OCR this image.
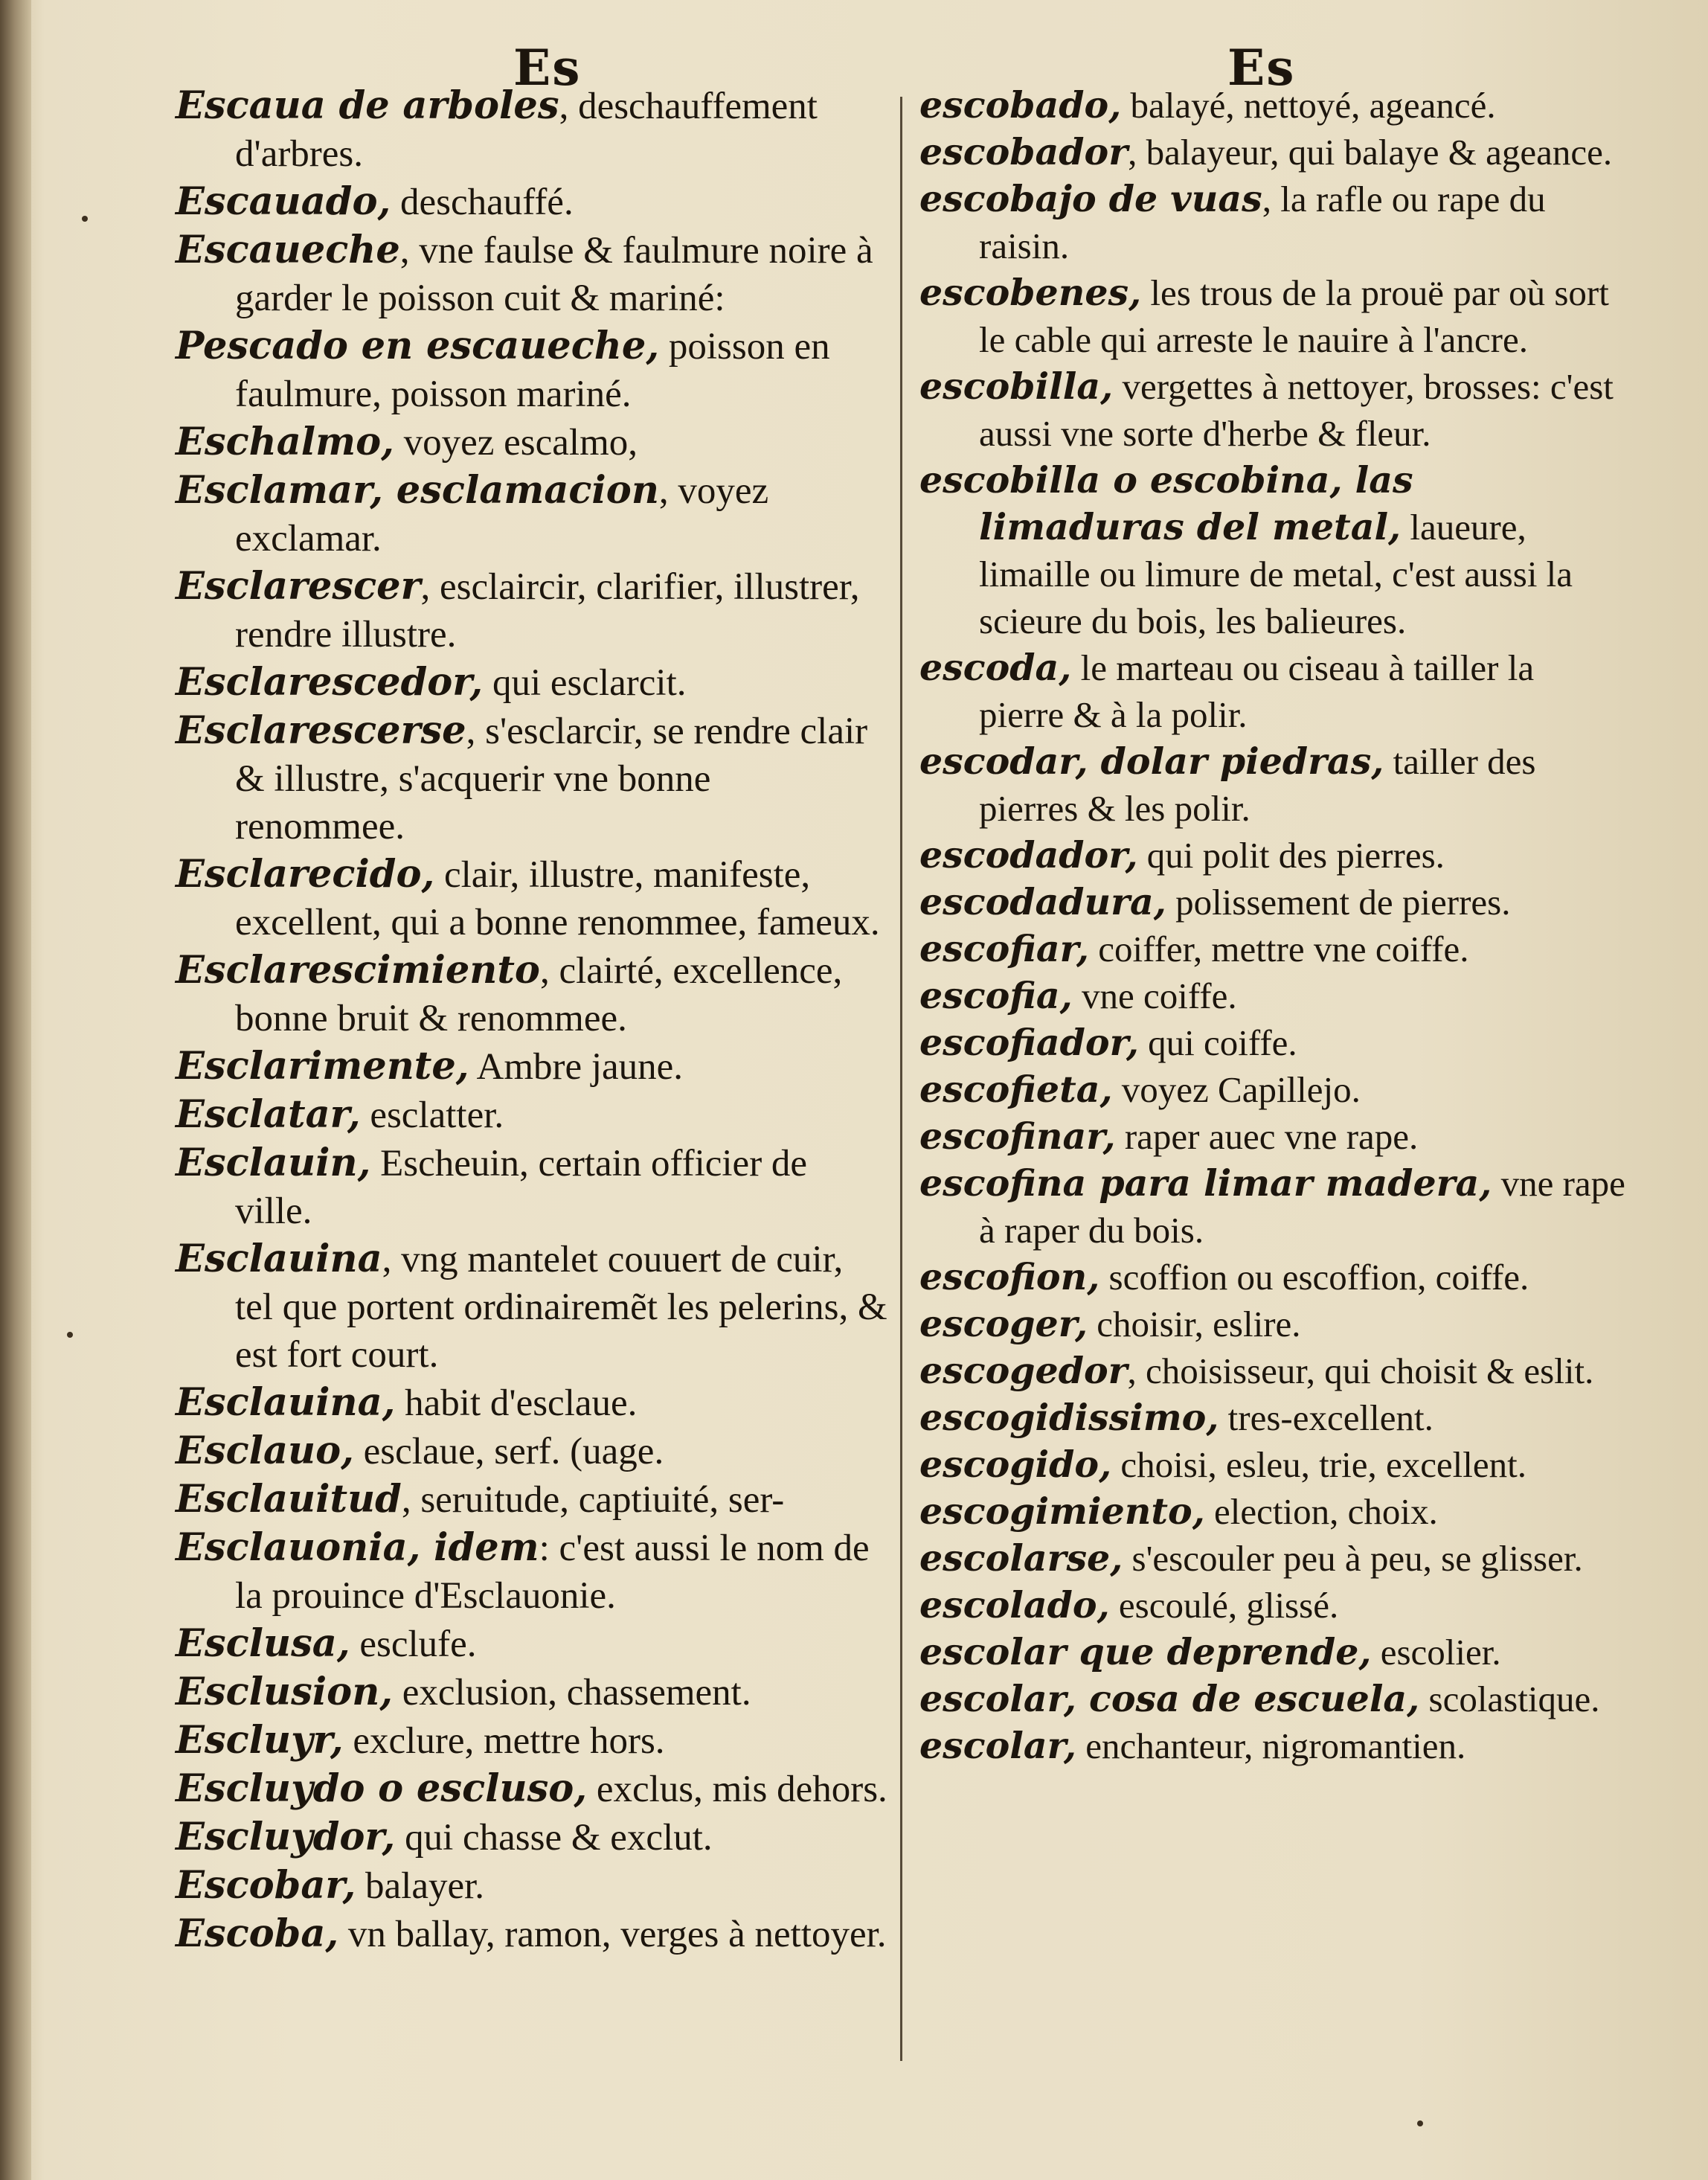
Es	Es

Escaua de arboles, deschauffement d'arbres.

Escauado, deschauffé.

Escaueche, vne faulse & faulmure noire à garder le poisson cuit & mariné:

Pescado en escaueche, poisson en faulmure, poisson mariné.

Eschalmo, voyez escalmo,

Esclamar, esclamacion, voyez exclamar.

Esclarescer, esclaircir, clarifier, illustrer, rendre illustre.

Esclarescedor, qui esclarcit.

Esclarescerse, s'esclarcir, se rendre clair & illustre, s'acquerir vne bonne renommee.

Esclarecido, clair, illustre, manifeste, excellent, qui a bonne renommee, fameux.

Esclarescimiento, clairté, excellence, bonne bruit & renommee.

Esclarimente, Ambre jaune.

Esclatar, esclatter.

Esclauin, Escheuin, certain officier de ville.

Esclauina, vng mantelet couuert de cuir, tel que portent ordinairemẽt les pelerins, & est fort court.

Esclauina, habit d'esclaue.

Esclauo, esclaue, serf. (uage.

Esclauitud, seruitude, captiuité, ser-

Esclauonia, idem: c'est aussi le nom de la prouince d'Esclauonie.

Esclusa, esclufe.

Esclusion, exclusion, chassement.

Escluyr, exclure, mettre hors.

Escluydo o escluso, exclus, mis dehors.

Escluydor, qui chasse & exclut.

Escobar, balayer.

Escoba, vn ballay, ramon, verges à nettoyer.

escobado, balayé, nettoyé, ageancé.

escobador, balayeur, qui balaye & ageance.

escobajo de vuas, la rafle ou rape du raisin.

escobenes, les trous de la prouë par où sort le cable qui arreste le nauire à l'ancre.

escobilla, vergettes à nettoyer, brosses: c'est aussi vne sorte d'herbe & fleur.

escobilla o escobina, las limaduras del metal, laueure, limaille ou limure de metal, c'est aussi la scieure du bois, les balieures.

escoda, le marteau ou ciseau à tailler la pierre & à la polir.

escodar, dolar piedras, tailler des pierres & les polir.

escodador, qui polit des pierres.

escodadura, polissement de pierres.

escofiar, coiffer, mettre vne coiffe.

escofia, vne coiffe.

escofiador, qui coiffe.

escofieta, voyez Capillejo.

escofinar, raper auec vne rape.

escofina para limar madera, vne rape à raper du bois.

escofion, scoffion ou escoffion, coiffe.

escoger, choisir, eslire.

escogedor, choisisseur, qui choisit & eslit.

escogidissimo, tres-excellent.

escogido, choisi, esleu, trie, excellent.

escogimiento, election, choix.

escolarse, s'escouler peu à peu, se glisser.

escolado, escoulé, glissé.

escolar que deprende, escolier.

escolar, cosa de escuela, scolastique.

escolar, enchanteur, nigromantien.
